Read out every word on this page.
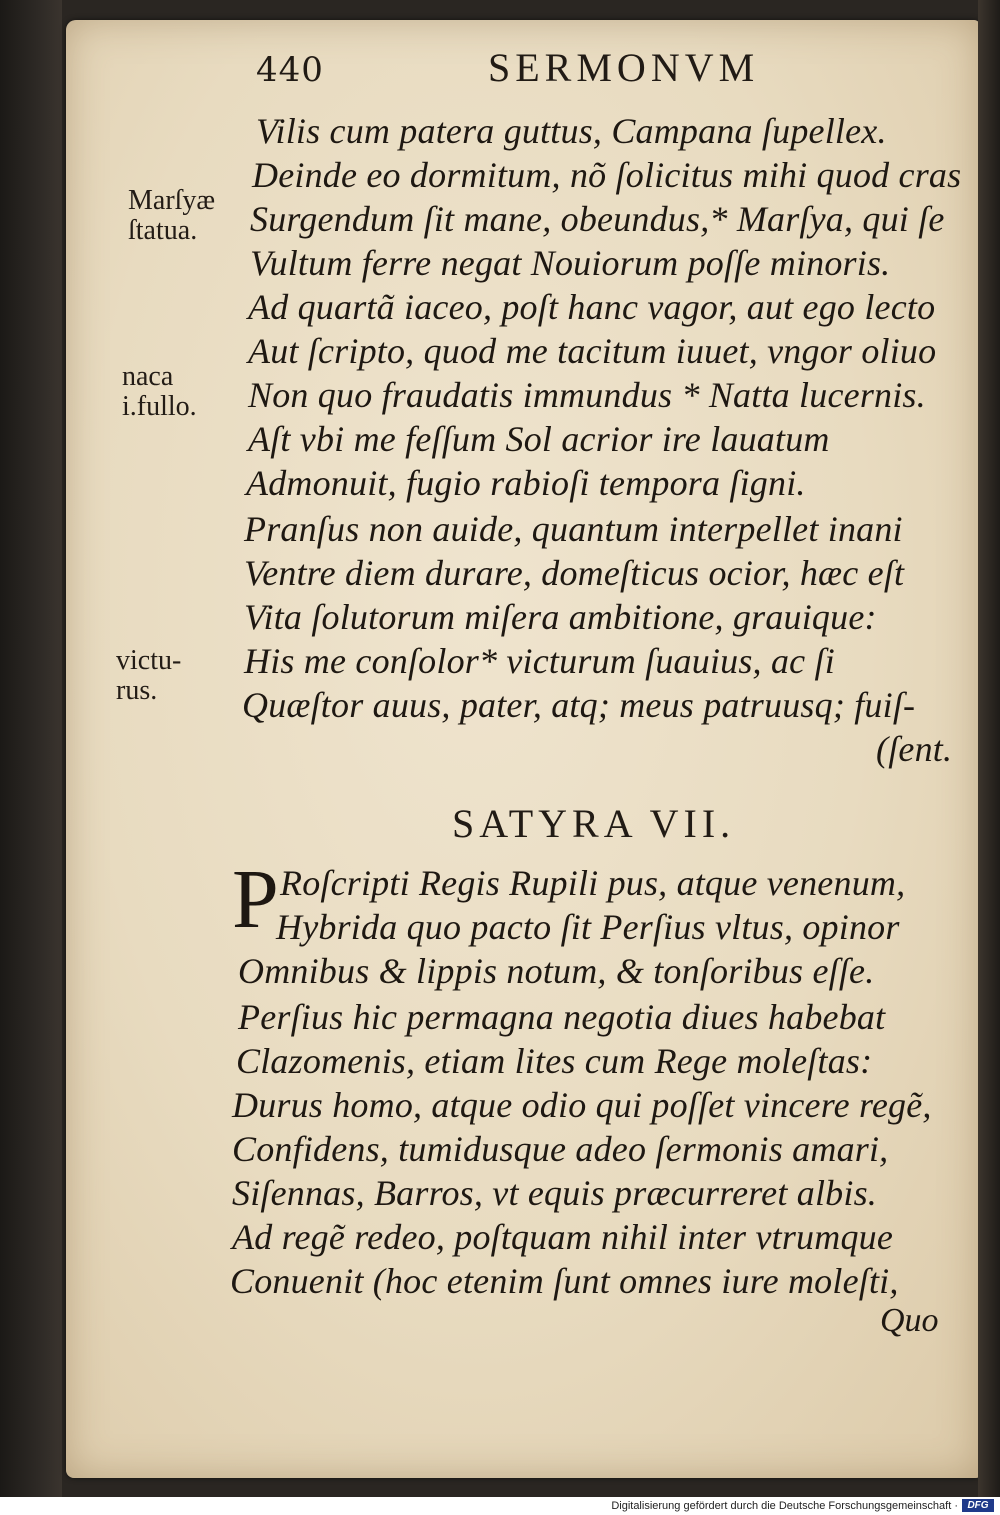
440	SERMONVM
Marſyæ
ſtatua.
naca
i.fullo.
victu-
rus.
Vilis cum patera guttus, Campana ſupellex.
Deinde eo dormitum, nõ ſolicitus mihi quod cras
Surgendum ſit mane, obeundus,* Marſya, qui ſe
Vultum ferre negat Nouiorum poſſe minoris.
Ad quartã iaceo, poſt hanc vagor, aut ego lecto
Aut ſcripto, quod me tacitum iuuet, vngor oliuo
Non quo fraudatis immundus * Natta lucernis.
Aſt vbi me feſſum Sol acrior ire lauatum
Admonuit, fugio rabioſi tempora ſigni.
Pranſus non auide, quantum interpellet inani
Ventre diem durare, domeſticus ocior, hæc eſt
Vita ſolutorum miſera ambitione, grauique:
His me conſolor* victurum ſuauius, ac ſi
Quæſtor auus, pater, atq; meus patruusq; fuiſ-
(ſent.
SATYRA VII.
P Roſcripti Regis Rupili pus, atque venenum,
Hybrida quo pacto ſit Perſius vltus, opinor
Omnibus & lippis notum, & tonſoribus eſſe.
Perſius hic permagna negotia diues habebat
Clazomenis, etiam lites cum Rege moleſtas:
Durus homo, atque odio qui poſſet vincere regẽ,
Confidens, tumidusque adeo ſermonis amari,
Siſennas, Barros, vt equis præcurreret albis.
Ad regẽ redeo, poſtquam nihil inter vtrumque
Conuenit (hoc etenim ſunt omnes iure moleſti,
Quo
Digitalisierung gefördert durch die Deutsche Forschungsgemeinschaft · DFG
